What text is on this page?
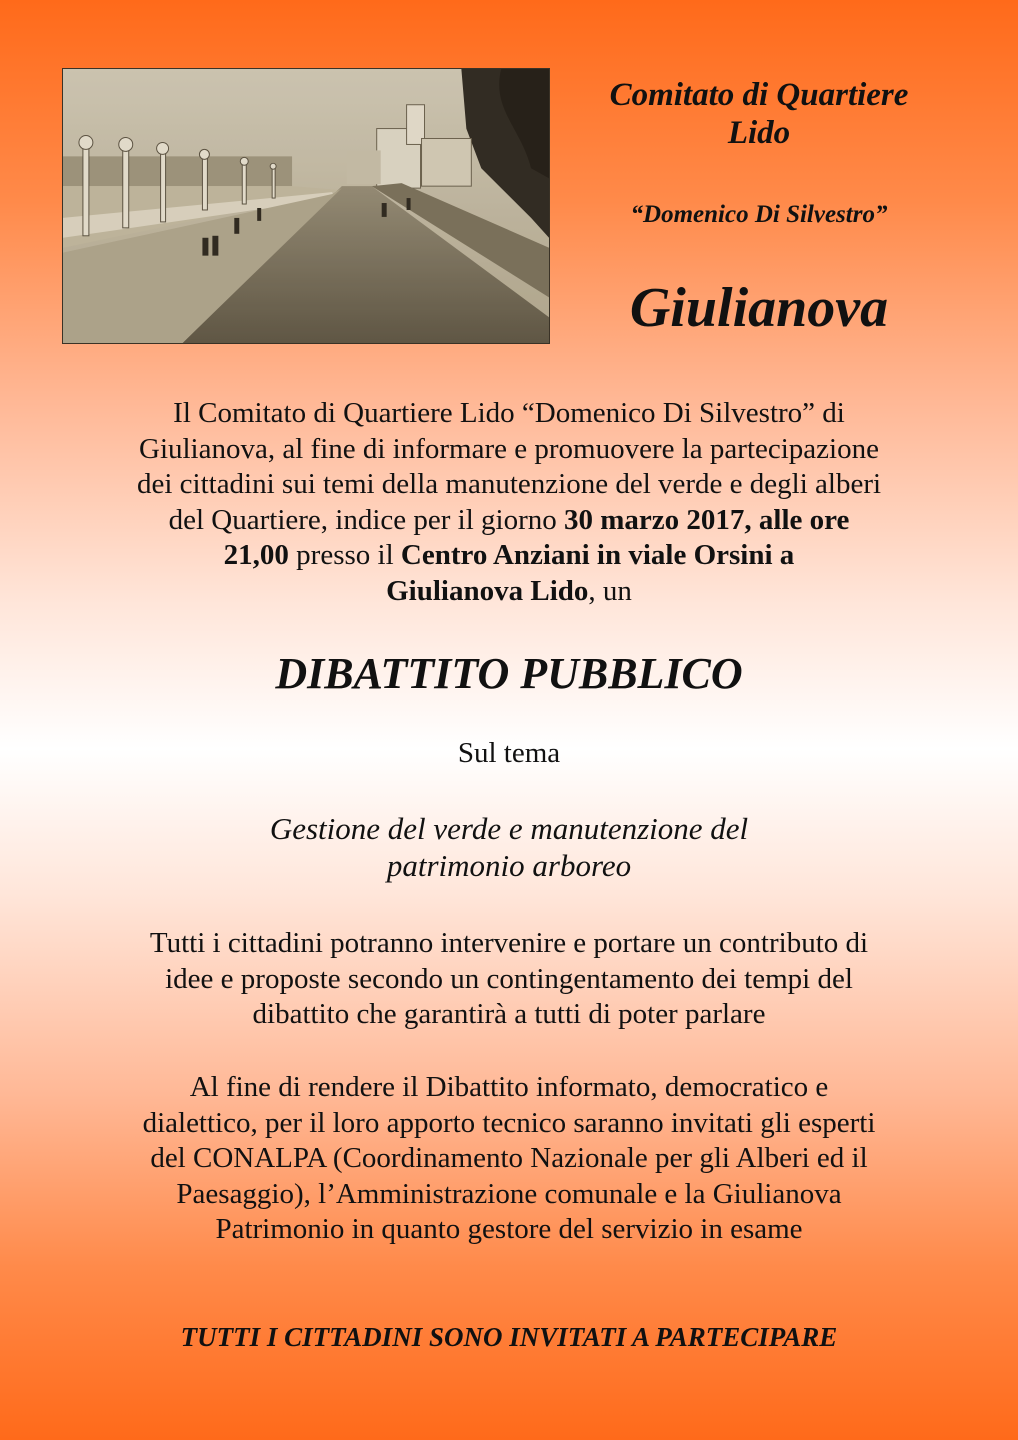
Comitato di Quartiere
Lido
“Domenico Di Silvestro”
Giulianova
Il Comitato di Quartiere Lido “Domenico Di Silvestro” di
Giulianova, al fine di informare e promuovere la partecipazione
dei cittadini sui temi della manutenzione del verde e degli alberi
del Quartiere, indice per il giorno 30 marzo 2017, alle ore
21,00 presso il Centro Anziani in viale Orsini a
Giulianova Lido, un
DIBATTITO PUBBLICO
Sul tema
Gestione del verde e manutenzione del
patrimonio arboreo
Tutti i cittadini potranno intervenire e portare un contributo di
idee e proposte secondo un contingentamento dei tempi del
dibattito che garantirà a tutti di poter parlare
Al fine di rendere il Dibattito informato, democratico e
dialettico, per il loro apporto tecnico saranno invitati gli esperti
del CONALPA (Coordinamento Nazionale per gli Alberi ed il
Paesaggio), l’Amministrazione comunale e la Giulianova
Patrimonio in quanto gestore del servizio in esame
TUTTI I CITTADINI SONO INVITATI A PARTECIPARE
